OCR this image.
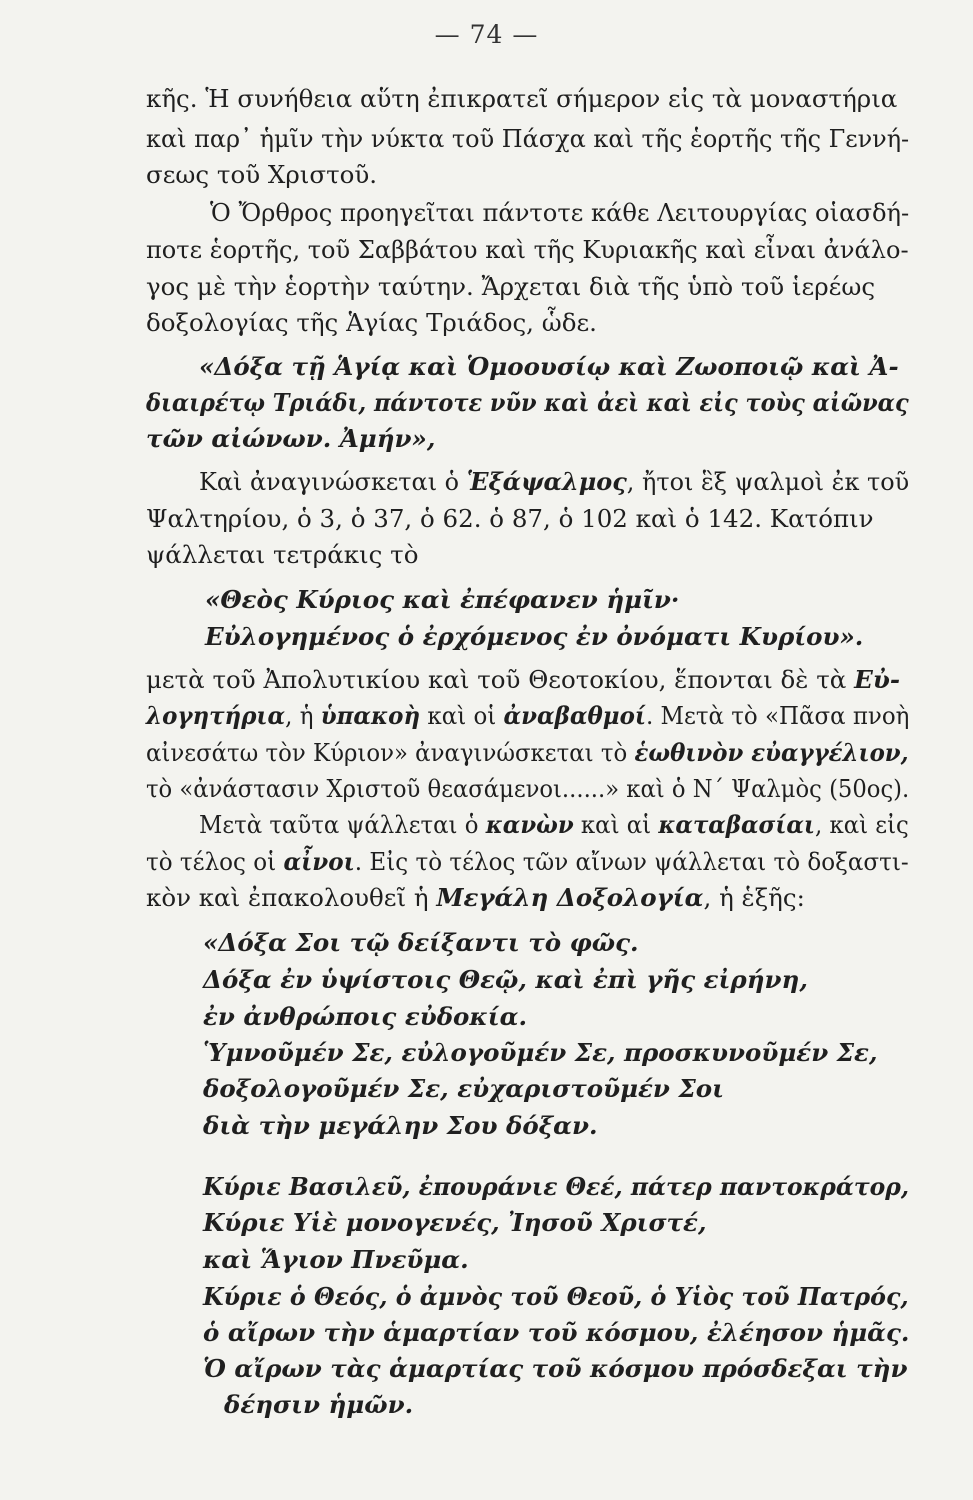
— 74 —
κῆς. Ἡ συνήθεια αὕτη ἐπικρατεῖ σήμερον εἰς τὰ μοναστήρια
καὶ παρ᾽ ἡμῖν τὴν νύκτα τοῦ Πάσχα καὶ τῆς ἑορτῆς τῆς Γεννή-
σεως τοῦ Χριστοῦ.
Ὁ Ὄρθρος προηγεῖται πάντοτε κάθε Λειτουργίας οἱασδή-
ποτε ἑορτῆς, τοῦ Σαββάτου καὶ τῆς Κυριακῆς καὶ εἶναι ἀνάλο-
γος μὲ τὴν ἑορτὴν ταύτην. Ἄρχεται διὰ τῆς ὑπὸ τοῦ ἱερέως
δοξολογίας τῆς Ἁγίας Τριάδος, ὧδε.
«Δόξα τῇ Ἁγίᾳ καὶ Ὁμοουσίῳ καὶ Ζωοποιῷ καὶ Ἀ-
διαιρέτῳ Τριάδι, πάντοτε νῦν καὶ ἀεὶ καὶ εἰς τοὺς αἰῶνας
τῶν αἰώνων. Ἀμήν»,
Καὶ ἀναγινώσκεται ὁ Ἑξάψαλμος, ἤτοι ἓξ ψαλμοὶ ἐκ τοῦ
Ψαλτηρίου, ὁ 3, ὁ 37, ὁ 62. ὁ 87, ὁ 102 καὶ ὁ 142. Κατόπιν
ψάλλεται τετράκις τὸ
«Θεὸς Κύριος καὶ ἐπέφανεν ἡμῖν·
Εὐλογημένος ὁ ἐρχόμενος ἐν ὀνόματι Κυρίου».
μετὰ τοῦ Ἀπολυτικίου καὶ τοῦ Θεοτοκίου, ἕπονται δὲ τὰ Εὐ-
λογητήρια, ἡ ὑπακοὴ καὶ οἱ ἀναβαθμοί. Μετὰ τὸ «Πᾶσα πνοὴ
αἰνεσάτω τὸν Κύριον» ἀναγινώσκεται τὸ ἑωθινὸν εὐαγγέλιον,
τὸ «ἀνάστασιν Χριστοῦ θεασάμενοι......» καὶ ὁ Ν΄ Ψαλμὸς (50ος).
Μετὰ ταῦτα ψάλλεται ὁ κανὼν καὶ αἱ καταβασίαι, καὶ εἰς
τὸ τέλος οἱ αἶνοι. Εἰς τὸ τέλος τῶν αἴνων ψάλλεται τὸ δοξαστι-
κὸν καὶ ἐπακολουθεῖ ἡ Μεγάλη Δοξολογία, ἡ ἑξῆς:
«Δόξα Σοι τῷ δείξαντι τὸ φῶς.
Δόξα ἐν ὑψίστοις Θεῷ, καὶ ἐπὶ γῆς εἰρήνη,
ἐν ἀνθρώποις εὐδοκία.
Ὑμνοῦμέν Σε, εὐλογοῦμέν Σε, προσκυνοῦμέν Σε,
δοξολογοῦμέν Σε, εὐχαριστοῦμέν Σοι
διὰ τὴν μεγάλην Σου δόξαν.
Κύριε Βασιλεῦ, ἐπουράνιε Θεέ, πάτερ παντοκράτορ,
Κύριε Υἱὲ μονογενές, Ἰησοῦ Χριστέ,
καὶ Ἅγιον Πνεῦμα.
Κύριε ὁ Θεός, ὁ ἀμνὸς τοῦ Θεοῦ, ὁ Υἱὸς τοῦ Πατρός,
ὁ αἴρων τὴν ἁμαρτίαν τοῦ κόσμου, ἐλέησον ἡμᾶς.
Ὁ αἴρων τὰς ἁμαρτίας τοῦ κόσμου πρόσδεξαι τὴν
δέησιν ἡμῶν.
